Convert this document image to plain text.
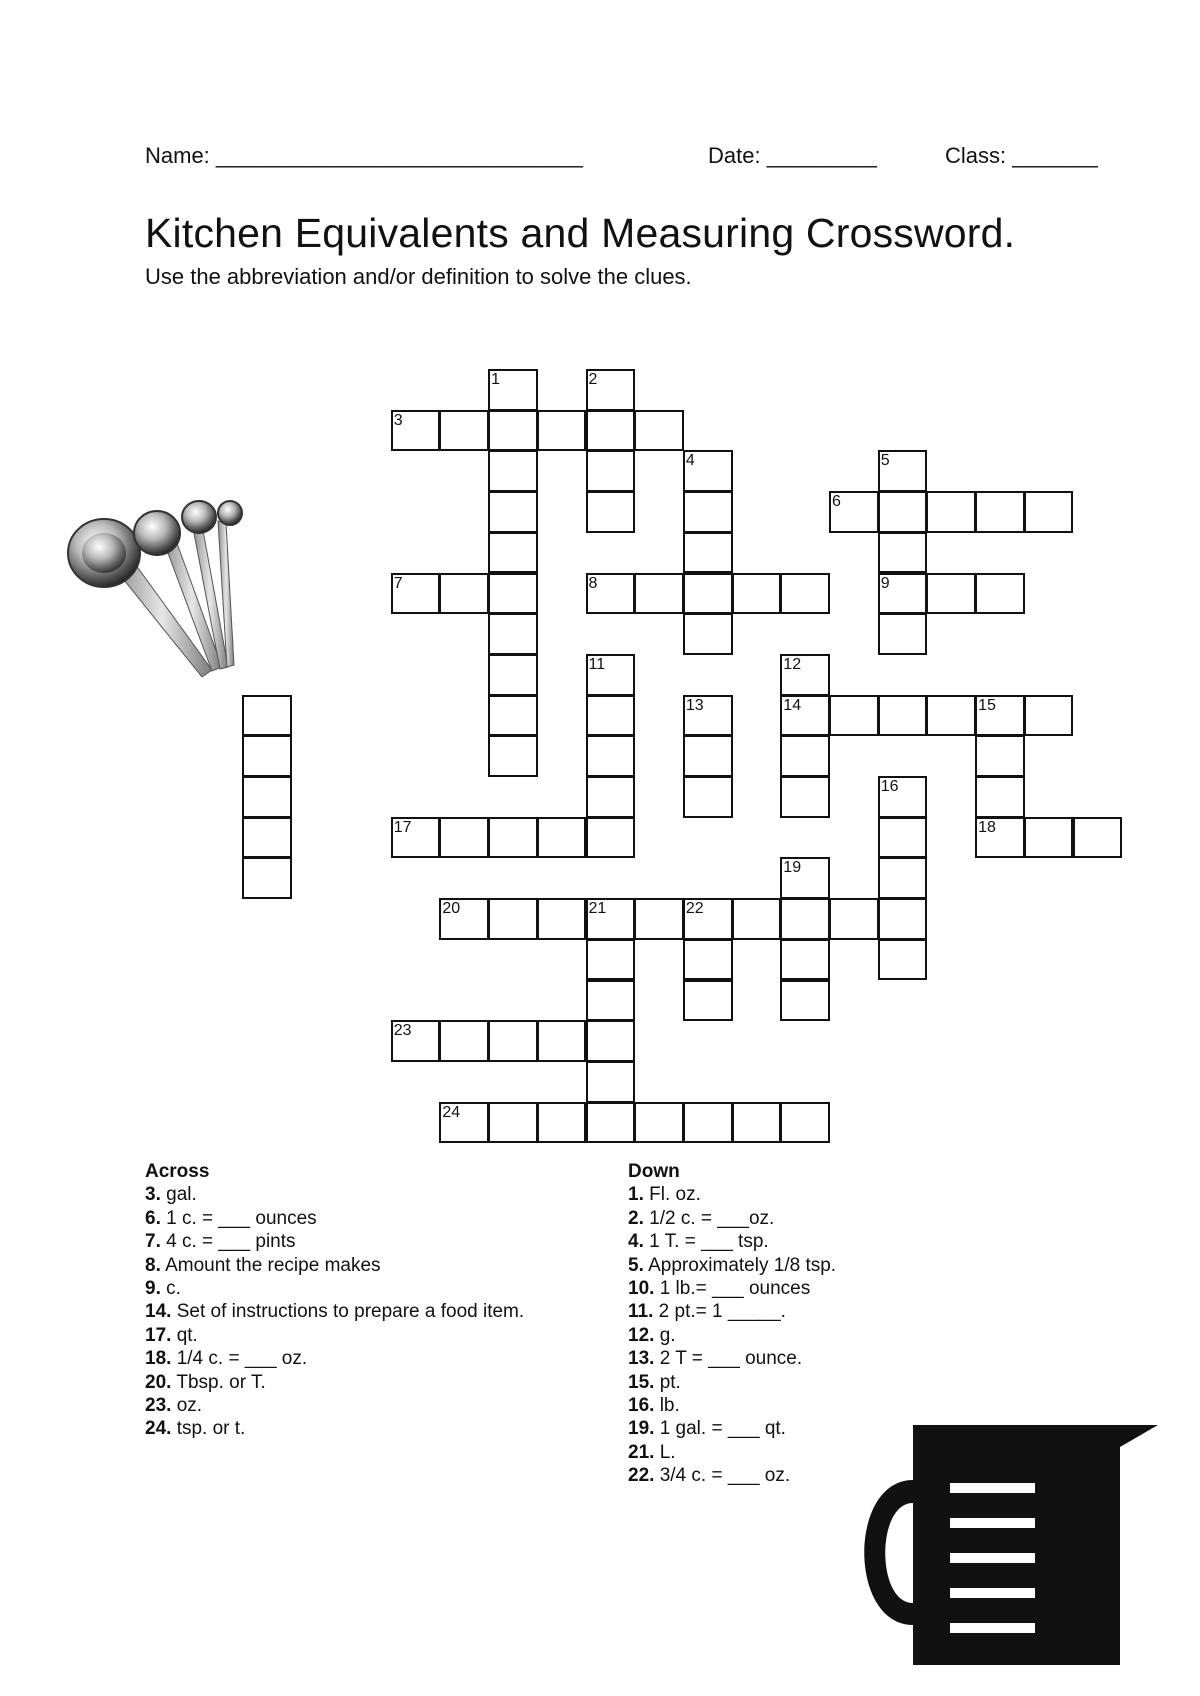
Name: ______________________________	Date: _________	Class: _______
Kitchen Equivalents and Measuring Crossword.
Use the abbreviation and/or definition to solve the clues.
1	2
3
4	5
9
6
7	8
11	12
14
13	15
18
16
17
19
20	21	22
23
24
Across
3. gal.
6. 1 c. = ___ ounces
7. 4 c. = ___ pints
8. Amount the recipe makes
9. c.
14. Set of instructions to prepare a food item.
17. qt.
18. 1/4 c. = ___ oz.
20. Tbsp. or T.
23. oz.
24. tsp. or t.
Down
1. Fl. oz.
2. 1/2 c. = ___oz.
4. 1 T. = ___ tsp.
5. Approximately 1/8 tsp.
10. 1 lb.= ___ ounces
11. 2 pt.= 1 _____.
12. g.
13. 2 T = ___ ounce.
15. pt.
16. lb.
19. 1 gal. = ___ qt.
21. L.
22. 3/4 c. = ___ oz.
